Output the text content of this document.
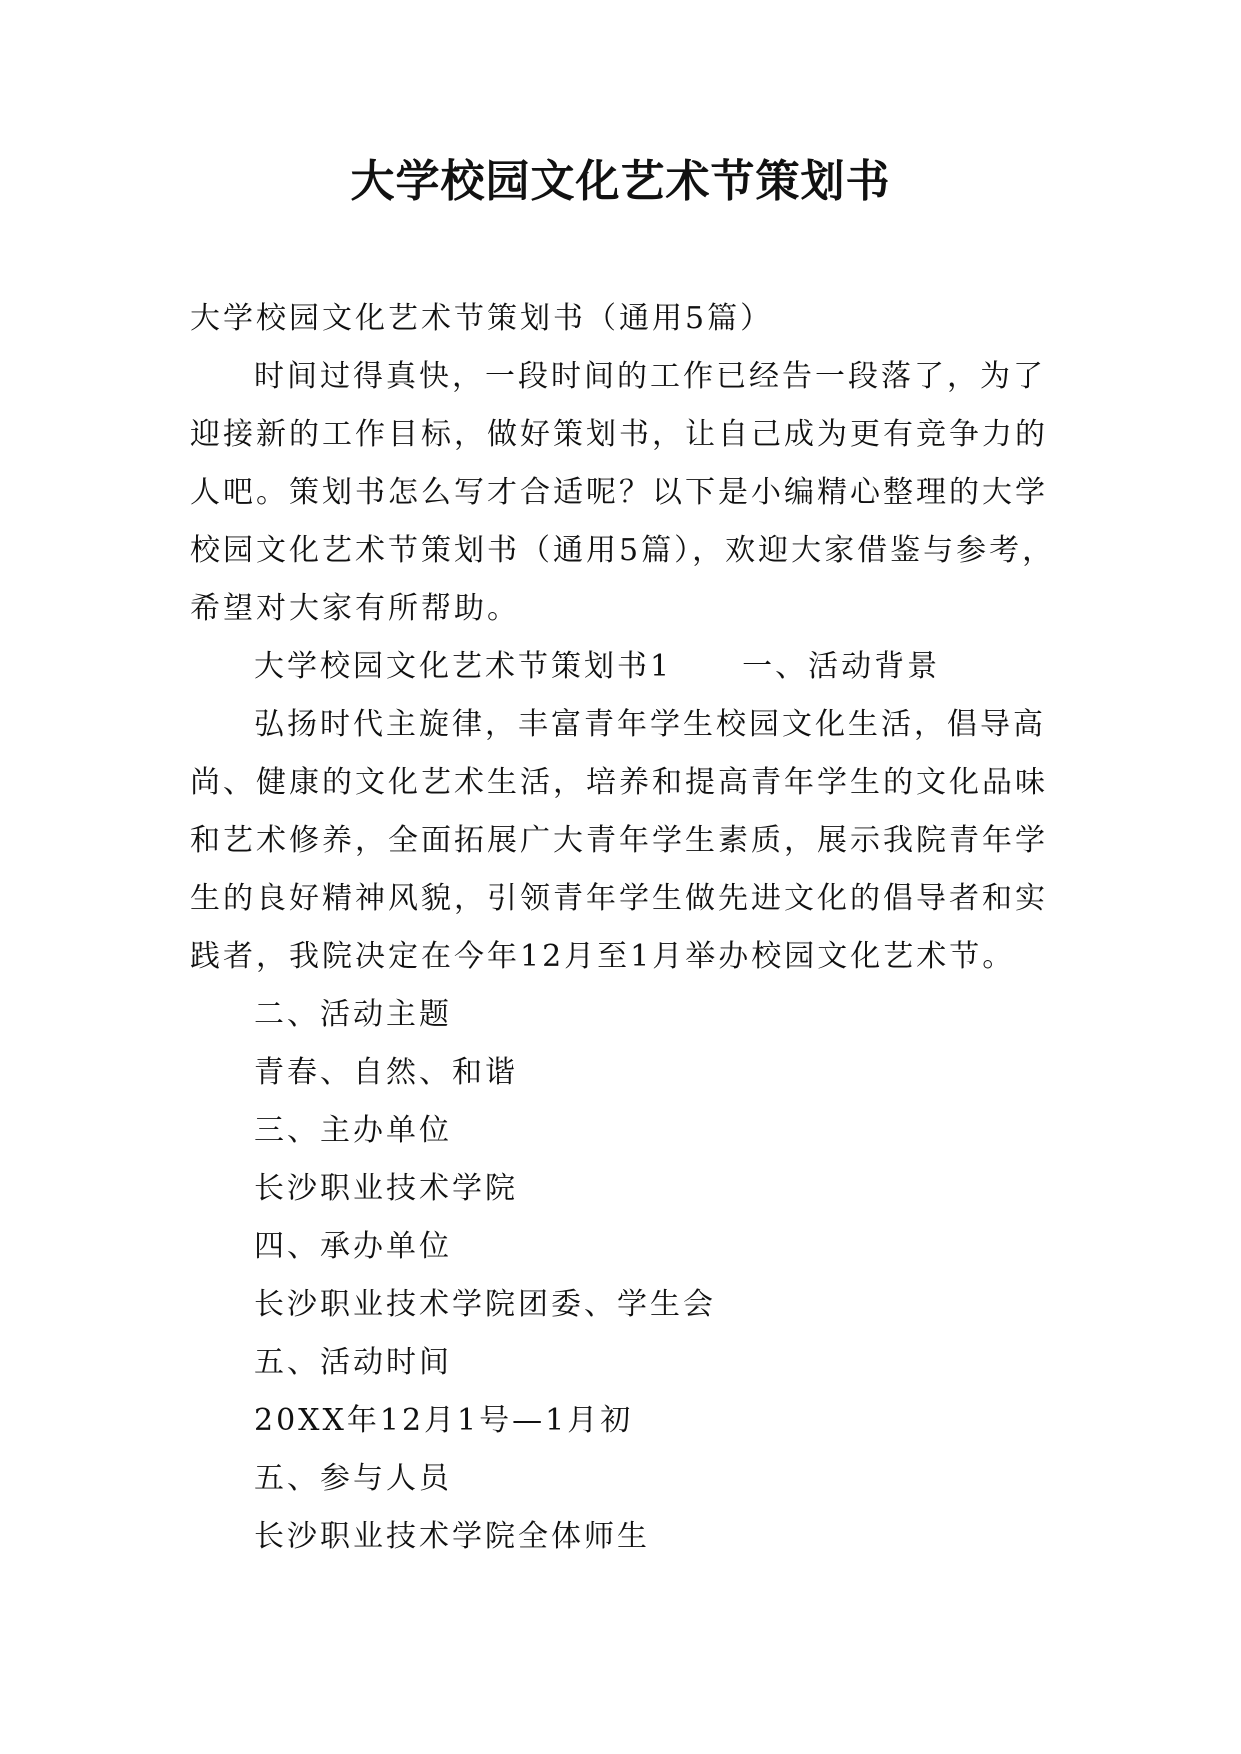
大学校园文化艺术节策划书

大学校园文化艺术节策划书（通用5篇）

时间过得真快，一段时间的工作已经告一段落了，为了迎接新的工作目标，做好策划书，让自己成为更有竞争力的人吧。策划书怎么写才合适呢？以下是小编精心整理的大学校园文化艺术节策划书（通用5篇），欢迎大家借鉴与参考，希望对大家有所帮助。

大学校园文化艺术节策划书1 一、活动背景

弘扬时代主旋律，丰富青年学生校园文化生活，倡导高尚、健康的文化艺术生活，培养和提高青年学生的文化品味和艺术修养，全面拓展广大青年学生素质，展示我院青年学生的良好精神风貌，引领青年学生做先进文化的倡导者和实践者，我院决定在今年12月至1月举办校园文化艺术节。

二、活动主题

青春、自然、和谐

三、主办单位

长沙职业技术学院

四、承办单位

长沙职业技术学院团委、学生会

五、活动时间

20XX年12月1号—1月初

五、参与人员

长沙职业技术学院全体师生
